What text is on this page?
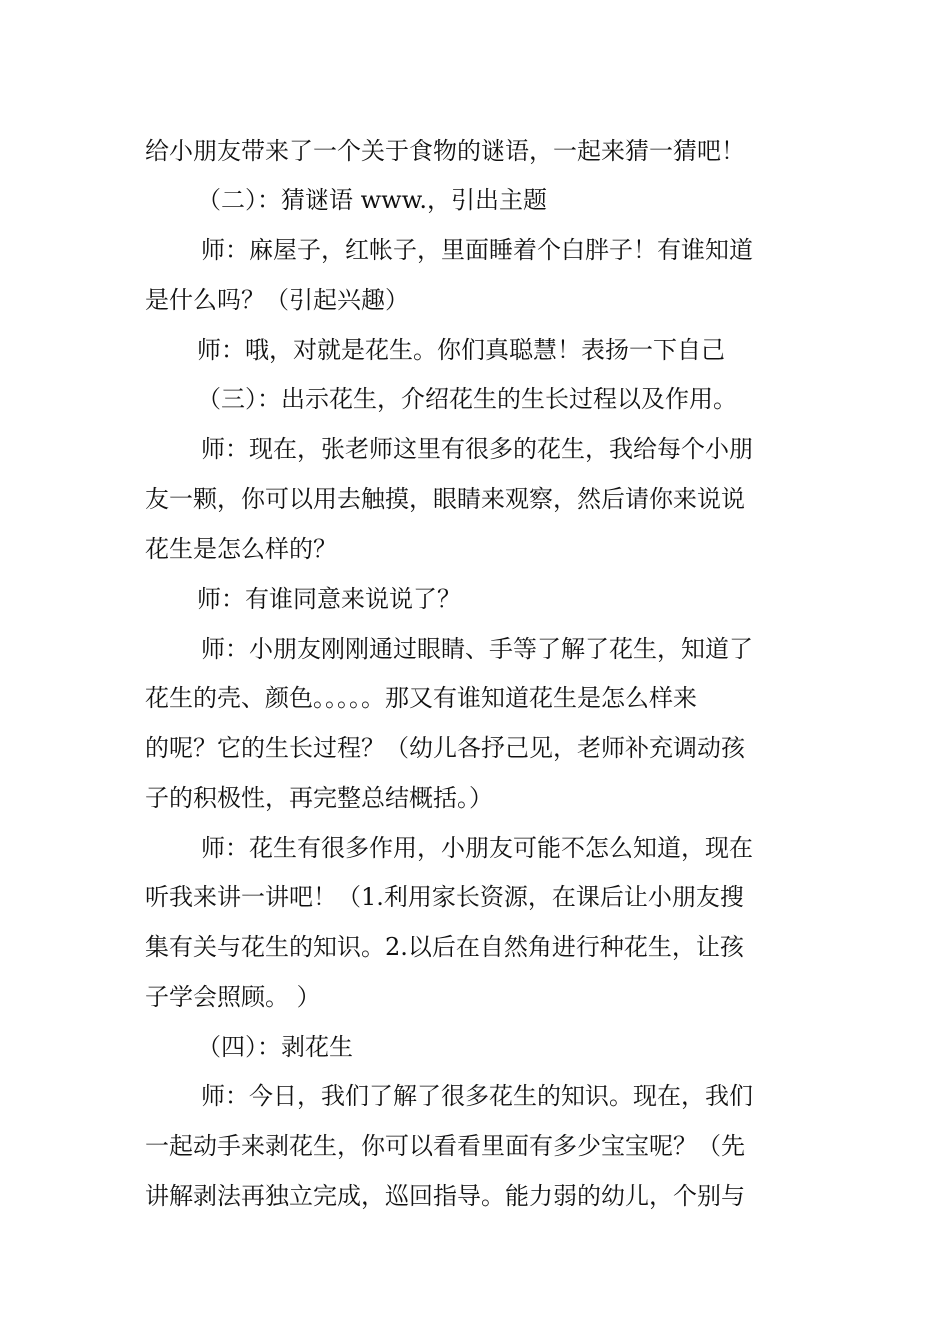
给小朋友带来了一个关于食物的谜语，一起来猜一猜吧！
（二）：猜谜语 www.，引出主题
师：麻屋子，红帐子，里面睡着个白胖子！有谁知道
是什么吗？（引起兴趣）
师：哦，对就是花生。你们真聪慧！表扬一下自己
（三）：出示花生，介绍花生的生长过程以及作用。
师：现在，张老师这里有很多的花生，我给每个小朋
友一颗，你可以用去触摸，眼睛来观察，然后请你来说说
花生是怎么样的？
师：有谁同意来说说了？
师：小朋友刚刚通过眼睛、手等了解了花生，知道了
花生的壳、颜色。。。。。那又有谁知道花生是怎么样来
的呢？它的生长过程？（幼儿各抒己见，老师补充调动孩
子的积极性，再完整总结概括。）
师：花生有很多作用，小朋友可能不怎么知道，现在
听我来讲一讲吧！（1.利用家长资源，在课后让小朋友搜
集有关与花生的知识。2.以后在自然角进行种花生，让孩
子学会照顾。 ）
（四）：剥花生
师：今日，我们了解了很多花生的知识。现在，我们
一起动手来剥花生，你可以看看里面有多少宝宝呢？（先
讲解剥法再独立完成，巡回指导。能力弱的幼儿，个别与
